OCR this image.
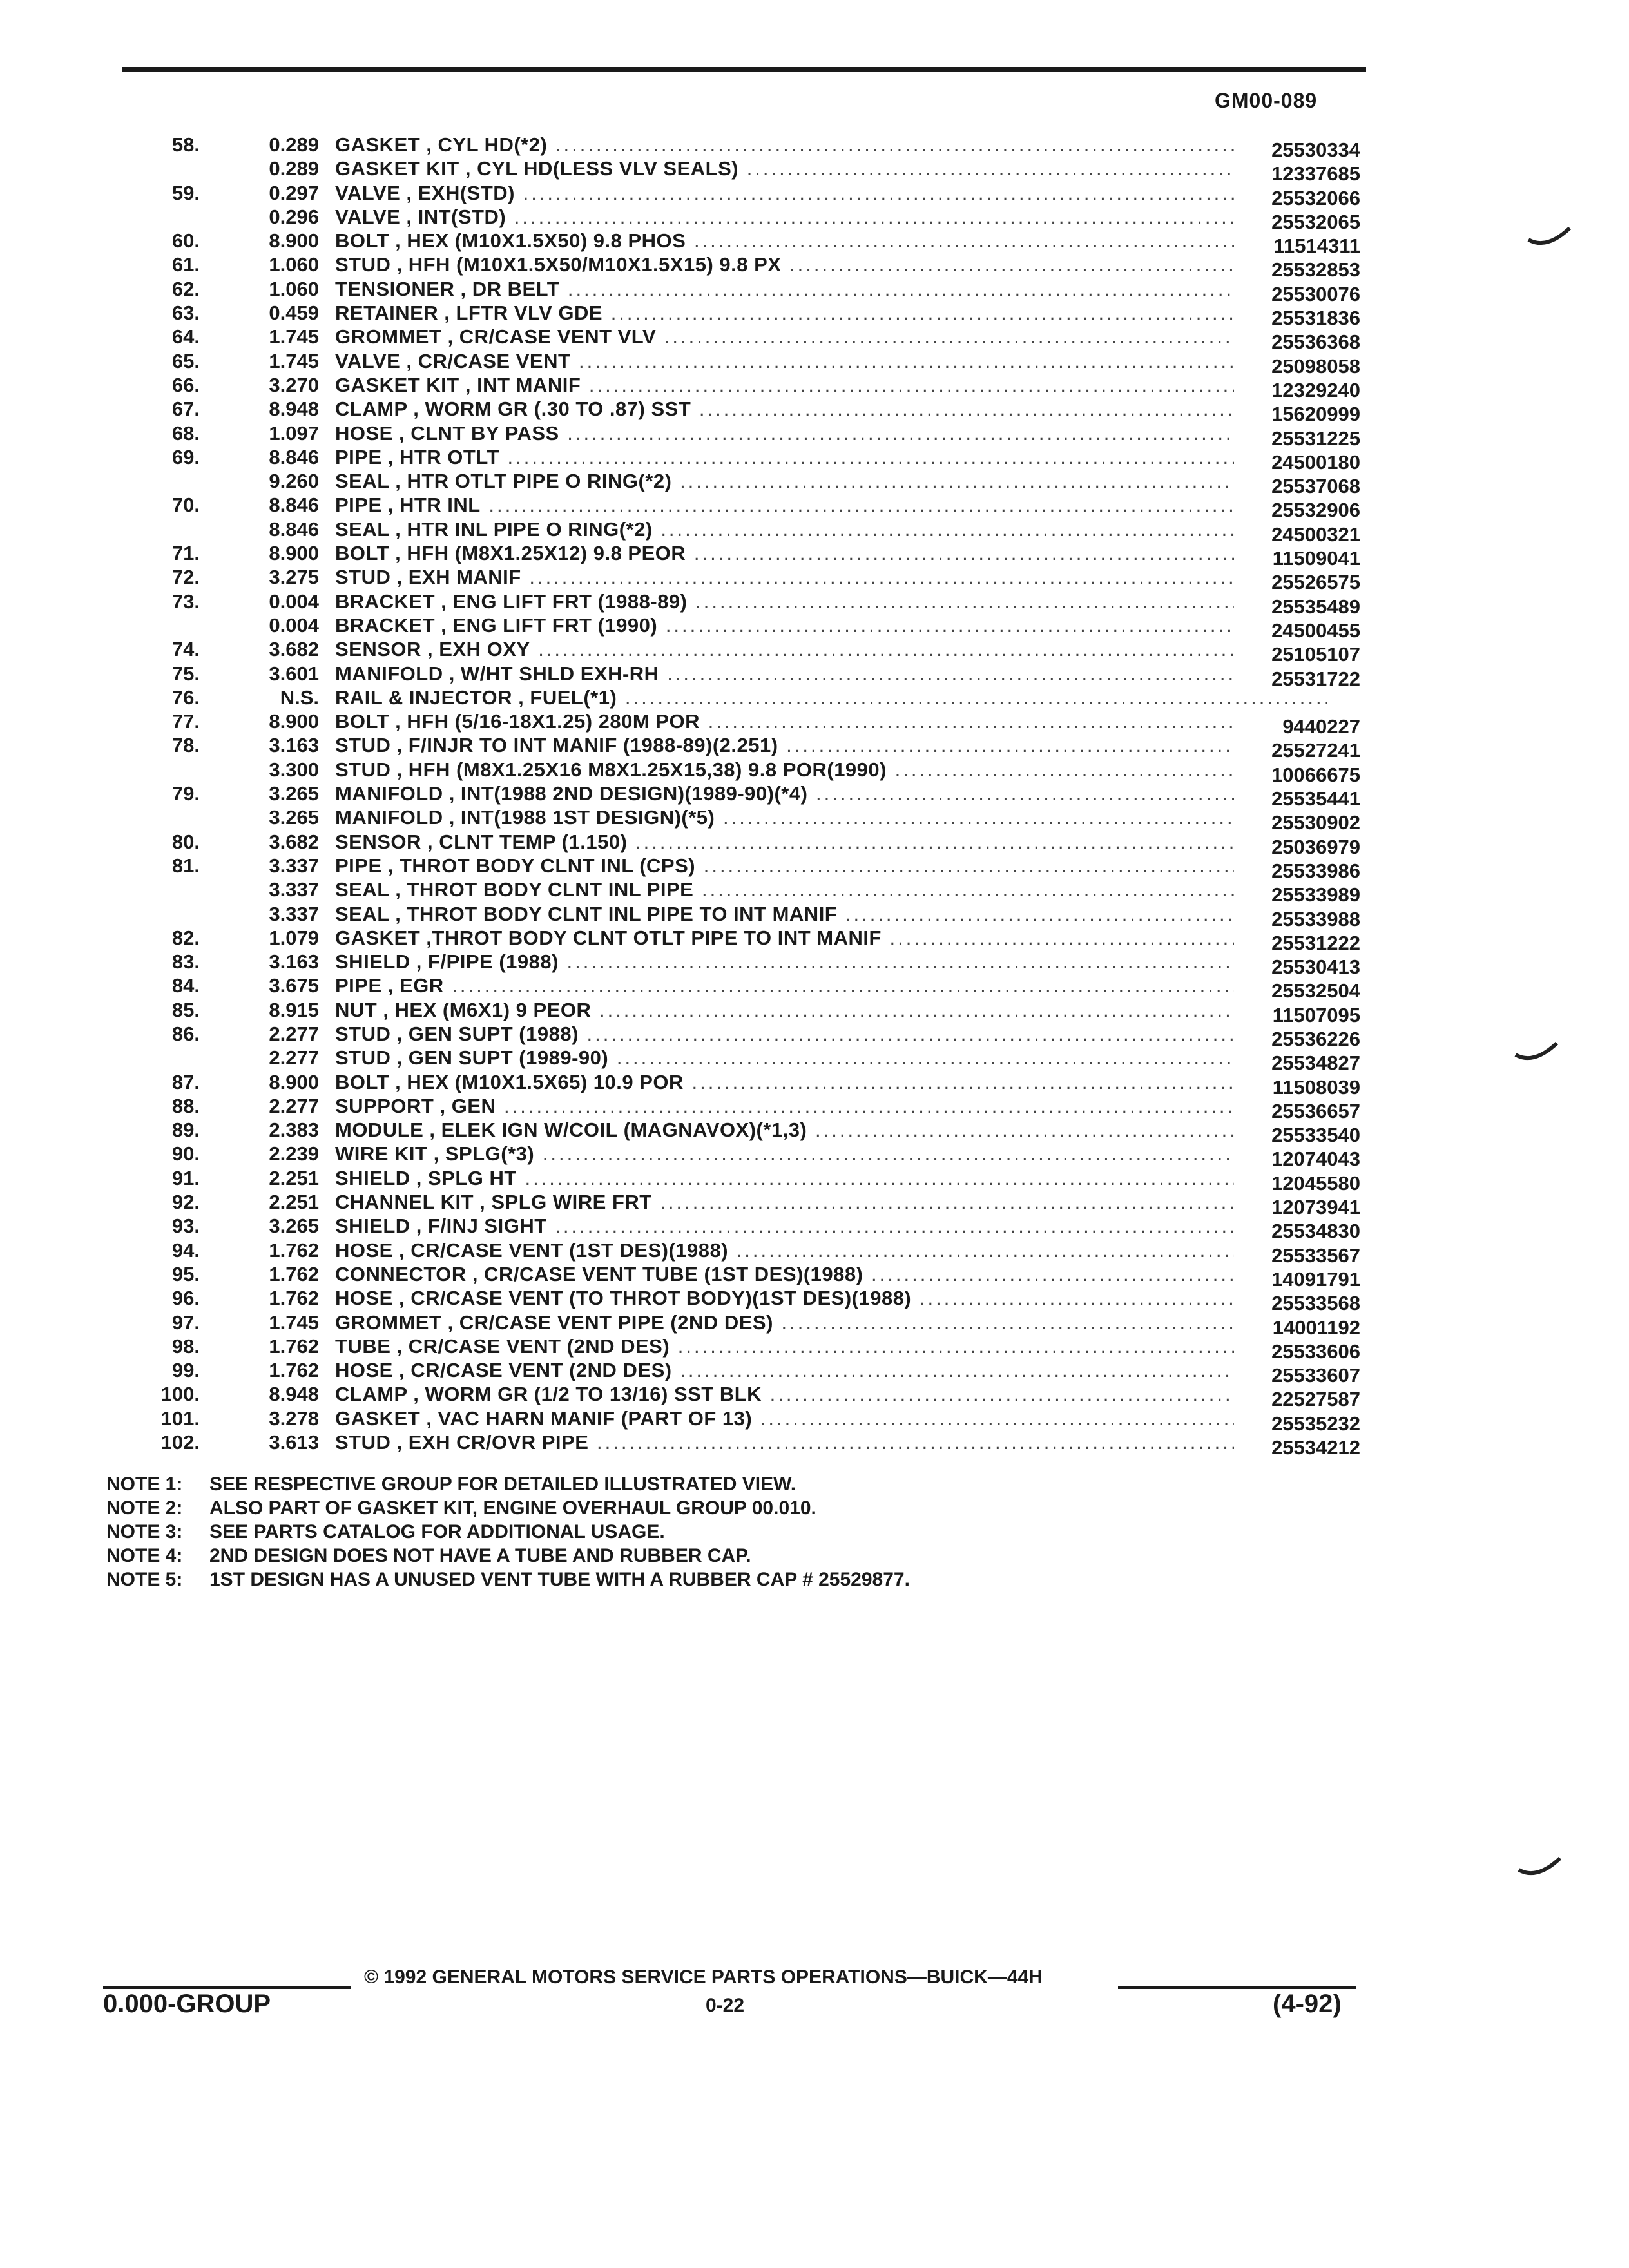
GM00-089
58.	0.289 GASKET , CYL HD(*2) .....	25530334
0.289 GASKET KIT , CYL HD(LESS VLV SEALS) .....	12337685
59.	0.297 VALVE , EXH(STD) .....	25532066
0.296 VALVE , INT(STD) .....	25532065
60.	8.900 BOLT , HEX (M10X1.5X50) 9.8 PHOS .....	11514311
61.	1.060 STUD , HFH (M10X1.5X50/M10X1.5X15) 9.8 PX .....	25532853
62.	1.060 TENSIONER , DR BELT .....	25530076
63.	0.459 RETAINER , LFTR VLV GDE .....	25531836
64.	1.745 GROMMET , CR/CASE VENT VLV .....	25536368
65.	1.745 VALVE , CR/CASE VENT .....	25098058
66.	3.270 GASKET KIT , INT MANIF .....	12329240
67.	8.948 CLAMP , WORM GR (.30 TO .87) SST .....	15620999
68.	1.097 HOSE , CLNT BY PASS .....	25531225
69.	8.846 PIPE , HTR OTLT .....	24500180
9.260 SEAL , HTR OTLT PIPE O RING(*2) .....	25537068
70.	8.846 PIPE , HTR INL .....	25532906
8.846 SEAL , HTR INL PIPE O RING(*2) .....	24500321
71.	8.900 BOLT , HFH (M8X1.25X12) 9.8 PEOR .....	11509041
72.	3.275 STUD , EXH MANIF .....	25526575
73.	0.004 BRACKET , ENG LIFT FRT (1988-89) .....	25535489
0.004 BRACKET , ENG LIFT FRT (1990) .....	24500455
74.	3.682 SENSOR , EXH OXY .....	25105107
75.	3.601 MANIFOLD , W/HT SHLD EXH-RH .....	25531722
76.	N.S. RAIL & INJECTOR , FUEL(*1) .....
77.	8.900 BOLT , HFH (5/16-18X1.25) 280M POR .....	9440227
78.	3.163 STUD , F/INJR TO INT MANIF (1988-89)(2.251) .....	25527241
3.300 STUD , HFH (M8X1.25X16 M8X1.25X15,38) 9.8 POR(1990) .....	10066675
79.	3.265 MANIFOLD , INT(1988 2ND DESIGN)(1989-90)(*4) .....	25535441
3.265 MANIFOLD , INT(1988 1ST DESIGN)(*5) .....	25530902
80.	3.682 SENSOR , CLNT TEMP (1.150) .....	25036979
81.	3.337 PIPE , THROT BODY CLNT INL (CPS) .....	25533986
3.337 SEAL , THROT BODY CLNT INL PIPE .....	25533989
3.337 SEAL , THROT BODY CLNT INL PIPE TO INT MANIF .....	25533988
82.	1.079 GASKET ,THROT BODY CLNT OTLT PIPE TO INT MANIF .....	25531222
83.	3.163 SHIELD , F/PIPE (1988) .....	25530413
84.	3.675 PIPE , EGR .....	25532504
85.	8.915 NUT , HEX (M6X1) 9 PEOR .....	11507095
86.	2.277 STUD , GEN SUPT (1988) .....	25536226
2.277 STUD , GEN SUPT (1989-90) .....	25534827
87.	8.900 BOLT , HEX (M10X1.5X65) 10.9 POR .....	11508039
88.	2.277 SUPPORT , GEN .....	25536657
89.	2.383 MODULE , ELEK IGN W/COIL (MAGNAVOX)(*1,3) .....	25533540
90.	2.239 WIRE KIT , SPLG(*3) .....	12074043
91.	2.251 SHIELD , SPLG HT .....	12045580
92.	2.251 CHANNEL KIT , SPLG WIRE FRT .....	12073941
93.	3.265 SHIELD , F/INJ SIGHT .....	25534830
94.	1.762 HOSE , CR/CASE VENT (1ST DES)(1988) .....	25533567
95.	1.762 CONNECTOR , CR/CASE VENT TUBE (1ST DES)(1988) .....	14091791
96.	1.762 HOSE , CR/CASE VENT (TO THROT BODY)(1ST DES)(1988) .....	25533568
97.	1.745 GROMMET , CR/CASE VENT PIPE (2ND DES) .....	14001192
98.	1.762 TUBE , CR/CASE VENT (2ND DES) .....	25533606
99.	1.762 HOSE , CR/CASE VENT (2ND DES) .....	25533607
100.	8.948 CLAMP , WORM GR (1/2 TO 13/16) SST BLK .....	22527587
101.	3.278 GASKET , VAC HARN MANIF (PART OF 13) .....	25535232
102.	3.613 STUD , EXH CR/OVR PIPE .....	25534212
NOTE 1: SEE RESPECTIVE GROUP FOR DETAILED ILLUSTRATED VIEW.
NOTE 2: ALSO PART OF GASKET KIT, ENGINE OVERHAUL GROUP 00.010.
NOTE 3: SEE PARTS CATALOG FOR ADDITIONAL USAGE.
NOTE 4: 2ND DESIGN DOES NOT HAVE A TUBE AND RUBBER CAP.
NOTE 5: 1ST DESIGN HAS A UNUSED VENT TUBE WITH A RUBBER CAP # 25529877.
© 1992 GENERAL MOTORS SERVICE PARTS OPERATIONS—BUICK—44H
0.000-GROUP	0-22	(4-92)
